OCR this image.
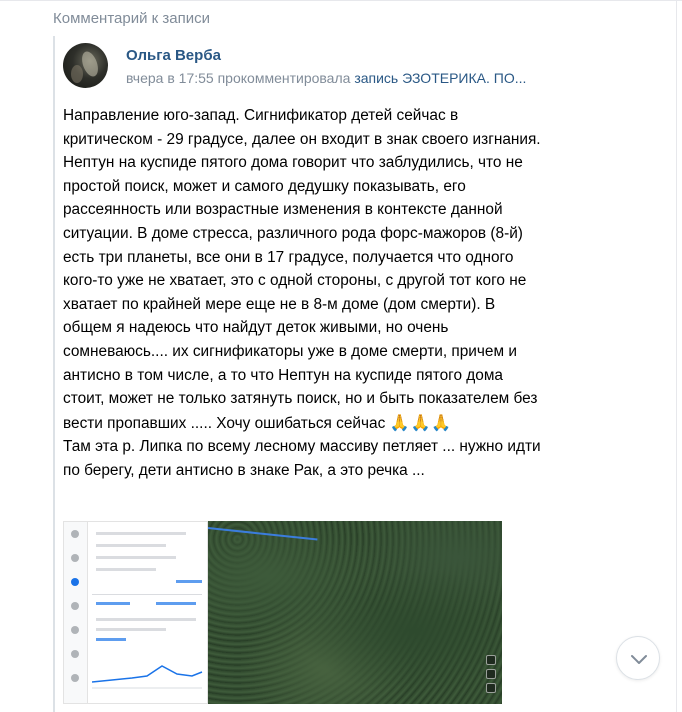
Комментарий к записи
Ольга Верба
вчера в 17:55 прокомментировала запись ЭЗОТЕРИКА. ПО...

Направление юго-запад. Сигнификатор детей сейчас в критическом - 29 градусе, далее он входит в знак своего изгнания. Нептун на куспиде пятого дома говорит что заблудились, что не простой поиск, может и самого дедушку показывать, его рассеянность или возрастные изменения в контексте данной ситуации. В доме стресса, различного рода форс-мажоров (8-й) есть три планеты, все они в 17 градусе, получается что одного кого-то уже не хватает, это с одной стороны, с другой тот кого не хватает по крайней мере еще не в 8-м доме (дом смерти). В общем я надеюсь что найдут деток живыми, но очень сомневаюсь.... их сигнификаторы уже в доме смерти, причем и антисно в том числе, а то что Нептун на куспиде пятого дома стоит, может не только затянуть поиск, но и быть показателем без вести пропавших ..... Хочу ошибаться сейчас 🙏🙏🙏

Там эта р. Липка по всему лесному массиву петляет ... нужно идти по берегу, дети антисно в знаке Рак, а это речка ...
